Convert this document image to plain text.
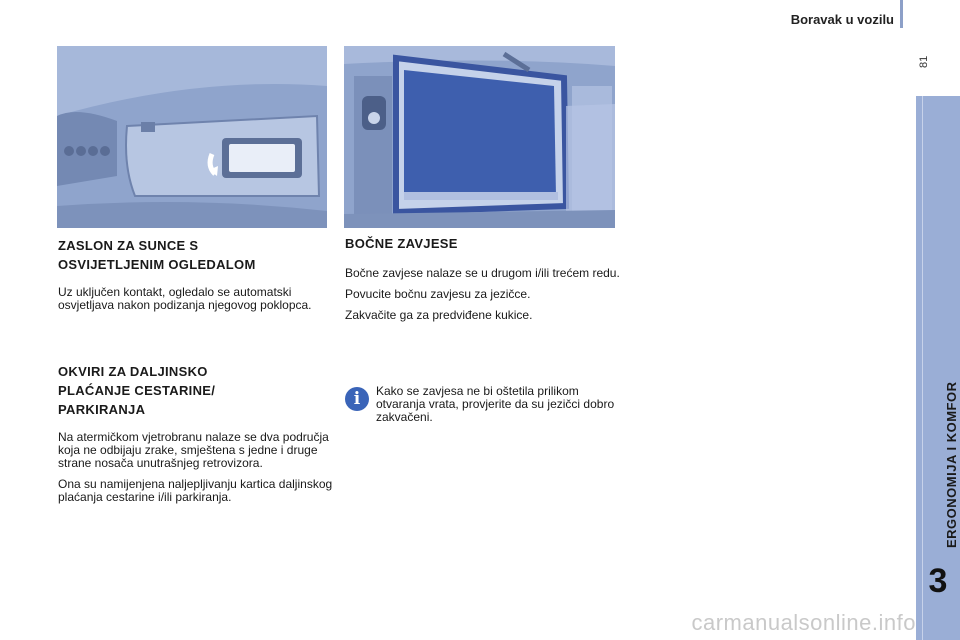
Boravak u vozilu
81
ERGONOMIJA I KOMFOR
3
ZASLON ZA SUNCE S
OSVIJETLJENIM OGLEDALOM

Uz uključen kontakt, ogledalo se automatski osvjetljava nakon podizanja njegovog poklopca.

OKVIRI ZA DALJINSKO
PLAĆANJE CESTARINE/
PARKIRANJA

Na atermičkom vjetrobranu nalaze se dva područja koja ne odbijaju zrake, smještena s jedne i druge strane nosača unutrašnjeg retrovizora.

Ona su namijenjena naljepljivanju kartica daljinskog plaćanja cestarine i/ili parkiranja.

BOČNE ZAVJESE

Bočne zavjese nalaze se u drugom i/ili trećem redu.

Povucite bočnu zavjesu za jezičce.

Zakvačite ga za predviđene kukice.

i	Kako se zavjesa ne bi oštetila prilikom otvaranja vrata, provjerite da su jezičci dobro zakvačeni.

carmanualsonline.info
